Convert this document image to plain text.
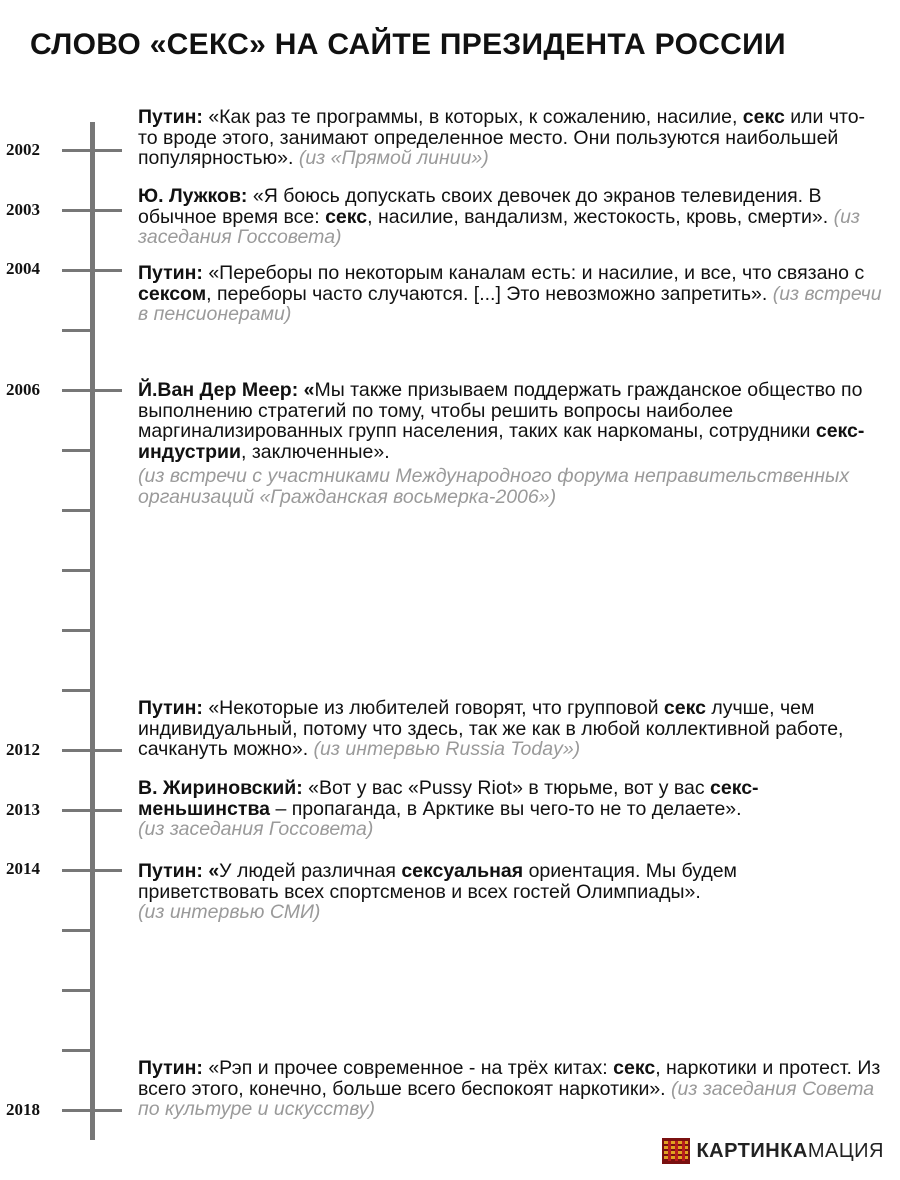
СЛОВО «СЕКС» НА САЙТЕ ПРЕЗИДЕНТА РОССИИ
2002
2003
2004
2006
2012
2013
2014
2018
Путин: «Как раз те программы, в которых, к сожалению, насилие, секс или что-то вроде этого, занимают определенное место. Они пользуются наибольшей популярностью». (из «Прямой линии»)
Ю. Лужков: «Я боюсь допускать своих девочек до экранов телевидения. В обычное время все: секс, насилие, вандализм, жестокость, кровь, смерти». (из заседания Госсовета)
Путин: «Переборы по некоторым каналам есть: и насилие, и все, что связано с сексом, переборы часто случаются. [...] Это невозможно запретить». (из встречи в пенсионерами)
Й.Ван Дер Меер: «Мы также призываем поддержать гражданское общество по выполнению стратегий по тому, чтобы решить вопросы наиболее маргинализированных групп населения, таких как наркоманы, сотрудники секс-индустрии, заключенные».
(из встречи с участниками Международного форума неправительственных организаций «Гражданская восьмерка-2006»)
Путин: «Некоторые из любителей говорят, что групповой секс лучше, чем индивидуальный, потому что здесь, так же как в любой коллективной работе, сачкануть можно». (из интервью Russia Today»)
В. Жириновский: «Вот у вас «Pussy Riot» в тюрьме, вот у вас секс-меньшинства – пропаганда, в Арктике вы чего-то не то делаете».
(из заседания Госсовета)
Путин: «У людей различная сексуальная ориентация. Мы будем приветствовать всех спортсменов и всех гостей Олимпиады».
(из интервью СМИ)
Путин: «Рэп и прочее современное - на трёх китах: секс, наркотики и протест. Из всего этого, конечно, больше всего беспокоят наркотики». (из заседания Совета по культуре и искусству)
КАРТИНКАМАЦИЯ
